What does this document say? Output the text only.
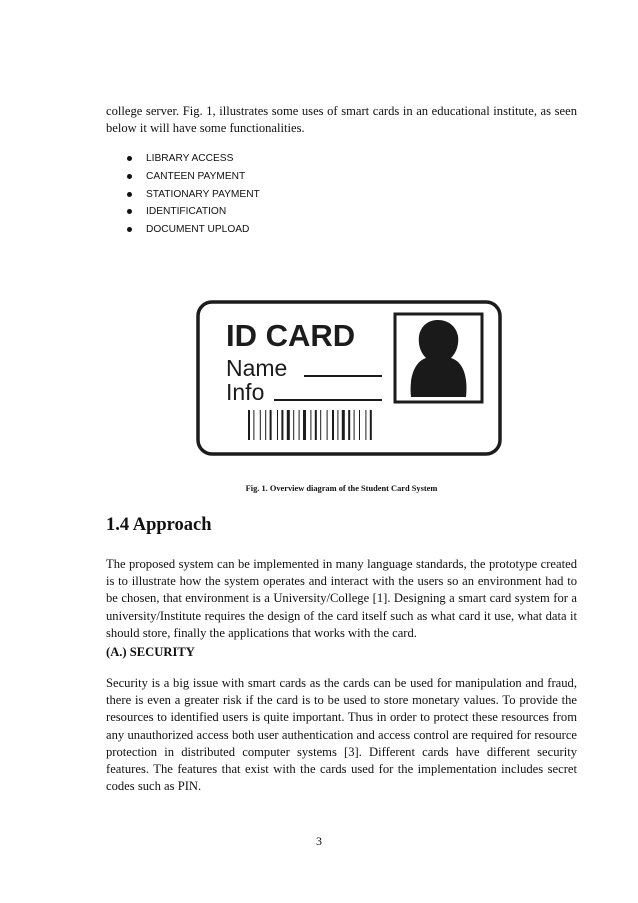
college server. Fig. 1, illustrates some uses of smart cards in an educational institute, as seen below it will have some functionalities.

LIBRARY ACCESS
CANTEEN PAYMENT
STATIONARY PAYMENT
IDENTIFICATION
DOCUMENT UPLOAD
ID CARD
Name
Info

Fig. 1. Overview diagram of the Student Card System

1.4 Approach

The proposed system can be implemented in many language standards, the prototype created is to illustrate how the system operates and interact with the users so an environment had to be chosen, that environment is a University/College [1]. Designing a smart card system for a university/Institute requires the design of the card itself such as what card it use, what data it should store, finally the applications that works with the card.

(A.) SECURITY

Security is a big issue with smart cards as the cards can be used for manipulation and fraud, there is even a greater risk if the card is to be used to store monetary values. To provide the resources to identified users is quite important. Thus in order to protect these resources from any unauthorized access both user authentication and access control are required for resource protection in distributed computer systems [3]. Different cards have different security features. The features that exist with the cards used for the implementation includes secret codes such as PIN.

3
